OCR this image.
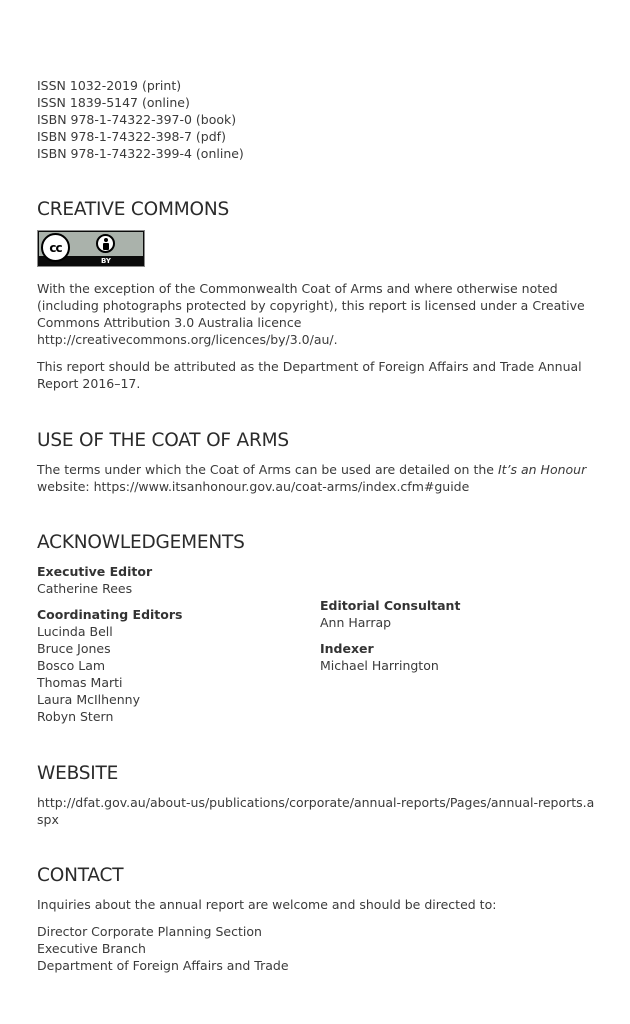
ISSN 1032-2019 (print)

ISSN 1839-5147 (online)

ISBN 978-1-74322-397-0 (book)

ISBN 978-1-74322-398-7 (pdf)

ISBN 978-1-74322-399-4 (online)

CREATIVE COMMONS
cc
BY

With the exception of the Commonwealth Coat of Arms and where otherwise noted (including photographs protected by copyright), this report is licensed under a Creative Commons Attribution 3.0 Australia licence http://creativecommons.org/licences/by/3.0/au/.

This report should be attributed as the Department of Foreign Affairs and Trade Annual Report 2016–17.

USE OF THE COAT OF ARMS

The terms under which the Coat of Arms can be used are detailed on the It’s an Honour website: https://www.itsanhonour.gov.au/coat-arms/index.cfm#guide

ACKNOWLEDGEMENTS

Executive Editor

Catherine Rees

Coordinating Editors

Lucinda Bell

Bruce Jones

Bosco Lam

Thomas Marti

Laura McIlhenny

Robyn Stern

Editorial Consultant

Ann Harrap

Indexer

Michael Harrington

WEBSITE

http://dfat.gov.au/about-us/publications/corporate/annual-reports/Pages/annual-reports.aspx

CONTACT

Inquiries about the annual report are welcome and should be directed to:

Director Corporate Planning Section

Executive Branch

Department of Foreign Affairs and Trade
